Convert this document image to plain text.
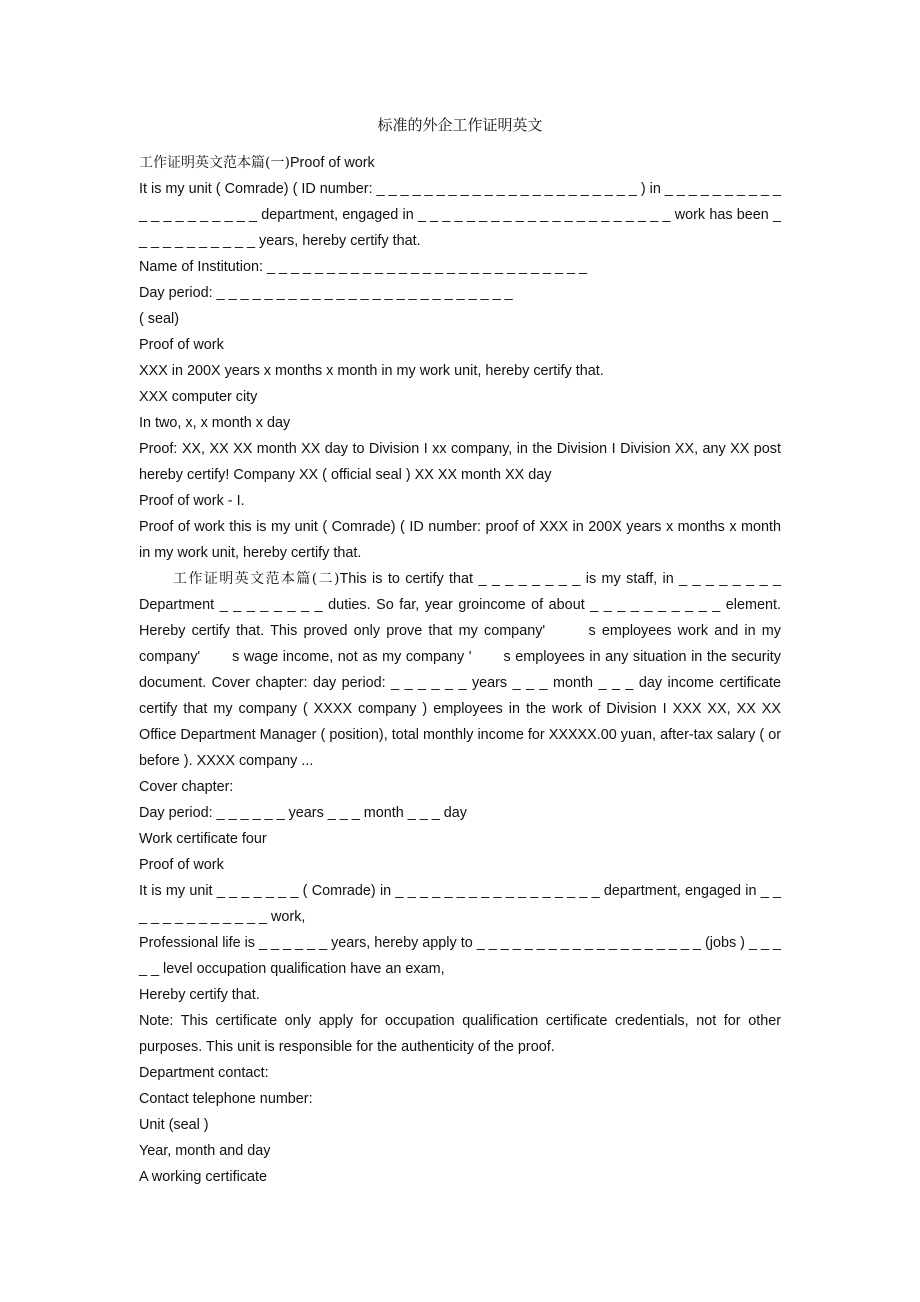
标准的外企工作证明英文

工作证明英文范本篇(一)Proof of work

It is my unit ( Comrade) ( ID number: _ _ _ _ _ _ _ _ _ _ _ _ _ _ _ _ _ _ _ _ _ _ ) in _ _ _ _ _ _ _ _ _ _ _ _ _ _ _ _ _ _ _ _ department, engaged in _ _ _ _ _ _ _ _ _ _ _ _ _ _ _ _ _ _ _ _ _ work has been _ _ _ _ _ _ _ _ _ _ _ years, hereby certify that.

Name of Institution: _ _ _ _ _ _ _ _ _ _ _ _ _ _ _ _ _ _ _ _ _ _ _ _ _ _ _

Day period: _ _ _ _ _ _ _ _ _ _ _ _ _ _ _ _ _ _ _ _ _ _ _ _ _

( seal)

Proof of work

XXX in 200X years x months x month in my work unit, hereby certify that.

XXX computer city

In two, x, x month x day

Proof: XX, XX XX month XX day to Division I xx company, in the Division I Division XX, any XX post hereby certify! Company XX ( official seal ) XX XX month XX day

Proof of work - I.

Proof of work this is my unit ( Comrade) ( ID number: proof of XXX in 200X years x months x month in my work unit, hereby certify that.

工作证明英文范本篇(二)This is to certify that _ _ _ _ _ _ _ _ is my staff, in _ _ _ _ _ _ _ _ Department _ _ _ _ _ _ _ _ duties. So far, year groincome of about _ _ _ _ _ _ _ _ _ _ element. Hereby certify that. This proved only prove that my company'       s employees work and in my company'       s wage income, not as my company '       s employees in any situation in the security document. Cover chapter: day period: _ _ _ _ _ _ years _ _ _ month _ _ _ day income certificate certify that my company ( XXXX company ) employees in the work of Division I XXX XX, XX XX Office Department Manager ( position), total monthly income for XXXXX.00 yuan, after-tax salary ( or before ). XXXX company ...

Cover chapter:

Day period: _ _ _ _ _ _ years _ _ _ month _ _ _ day

Work certificate four

Proof of work

It is my unit _ _ _ _ _ _ _ ( Comrade) in _ _ _ _ _ _ _ _ _ _ _ _ _ _ _ _ _ department, engaged in _ _ _ _ _ _ _ _ _ _ _ _ _ work,

Professional life is _ _ _ _ _ _ years, hereby apply to _ _ _ _ _ _ _ _ _ _ _ _ _ _ _ _ _ _ _ (jobs ) _ _ _ _ _ level occupation qualification have an exam,

Hereby certify that.

Note: This certificate only apply for occupation qualification certificate credentials, not for other purposes. This unit is responsible for the authenticity of the proof.

Department contact:

Contact telephone number:

Unit (seal )

Year, month and day

A working certificate
